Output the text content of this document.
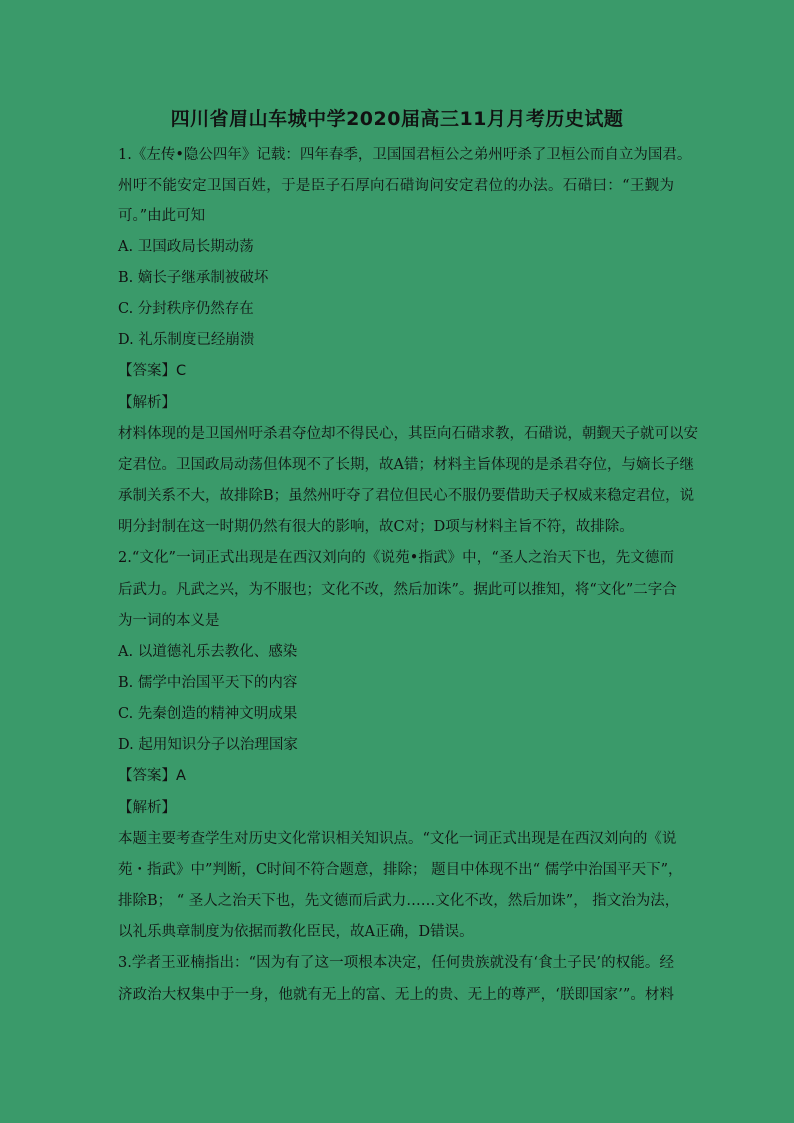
四川省眉山车城中学2020届高三11月月考历史试题
1.《左传•隐公四年》记载：四年春季，卫国国君桓公之弟州吁杀了卫桓公而自立为国君。
州吁不能安定卫国百姓，于是臣子石厚向石碏询问安定君位的办法。石碏曰：“王觐为
可。”由此可知
A. 卫国政局长期动荡
B. 嫡长子继承制被破坏
C. 分封秩序仍然存在
D. 礼乐制度已经崩溃
【答案】C
【解析】
材料体现的是卫国州吁杀君夺位却不得民心，其臣向石碏求教，石碏说，朝觐天子就可以安
定君位。卫国政局动荡但体现不了长期，故A错；材料主旨体现的是杀君夺位，与嫡长子继
承制关系不大，故排除B；虽然州吁夺了君位但民心不服仍要借助天子权威来稳定君位，说
明分封制在这一时期仍然有很大的影响，故C对；D项与材料主旨不符，故排除。
2.“文化”一词正式出现是在西汉刘向的《说苑•指武》中，“圣人之治天下也，先文德而
后武力。凡武之兴，为不服也；文化不改，然后加诛”。据此可以推知，将“文化”二字合
为一词的本义是
A. 以道德礼乐去教化、感染
B. 儒学中治国平天下的内容
C. 先秦创造的精神文明成果
D. 起用知识分子以治理国家
【答案】A
【解析】
本题主要考查学生对历史文化常识相关知识点。“文化一词正式出现是在西汉刘向的《说
苑・指武》中”判断，C时间不符合题意，排除； 题目中体现不出“ 儒学中治国平天下”，
排除B； “ 圣人之治天下也，先文德而后武力……文化不改，然后加诛”， 指文治为法，
以礼乐典章制度为依据而教化臣民，故A正确，D错误。
3.学者王亚楠指出：“因为有了这一项根本决定，任何贵族就没有‘食土子民’的权能。经
济政治大权集中于一身，他就有无上的富、无上的贵、无上的尊严，‘朕即国家’”。材料
